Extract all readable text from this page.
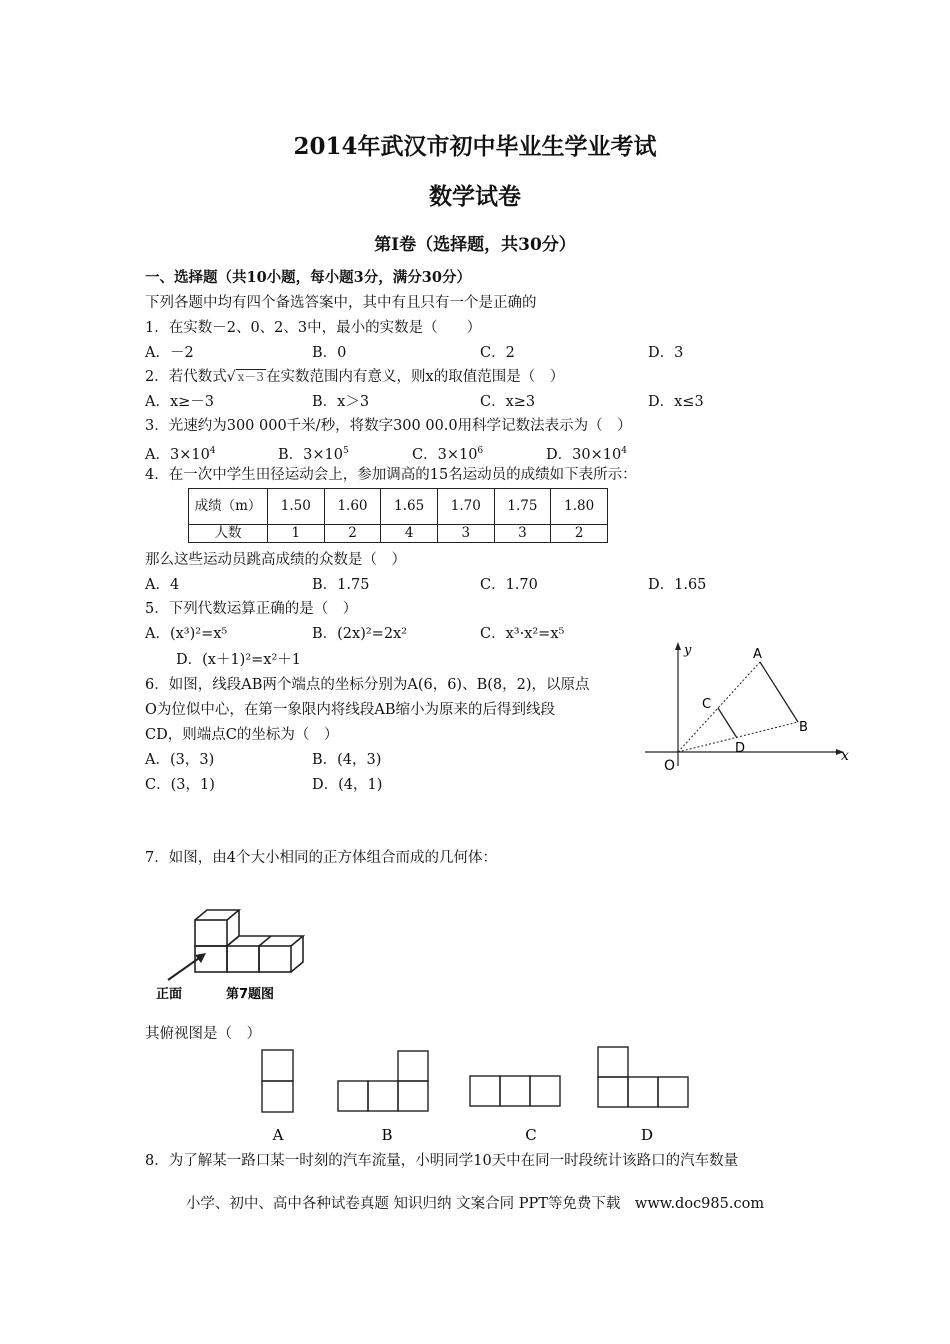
2014年武汉市初中毕业生学业考试
数学试卷
第I卷（选择题，共30分）
一、选择题（共10小题，每小题3分，满分30分）
下列各题中均有四个备选答案中，其中有且只有一个是正确的
1．在实数－2、0、2、3中，最小的实数是（　　）
A．－2	B．0	C．2	D．3
2．若代数式√ x－3 在实数范围内有意义，则x的取值范围是（　）
A．x≥－3	B．x＞3	C．x≥3	D．x≤3
3．光速约为300 000千米/秒，将数字300 00.0用科学记数法表示为（　）
A．$3\times 10^4$	B．$3\times 10^5$	C．$3\times 10^6$	D．$30\times 10^4$
4．在一次中学生田径运动会上，参加调高的15名运动员的成绩如下表所示：
成绩（m）	1.50	1.60	1.65	1.70	1.75	1.80
人数	1	2	4	3	3	2
那么这些运动员跳高成绩的众数是（　）
A．4	B．1.75	C．1.70	D．1.65
5．下列代数运算正确的是（　）
A．(x³)²=x⁵	B．(2x)²=2x²	C．x³·x²=x⁵
D．(x＋1)²=x²＋1
6．如图，线段AB两个端点的坐标分别为A(6，6)、B(8，2)，以原点
O为位似中心，在第一象限内将线段AB缩小为原来的后得到线段
CD，则端点C的坐标为（　）
A．(3，3)	B．(4，3)
C．(3，1)	D．(4，1)
y
x
O
A
B
C
D
7．如图，由4个大小相同的正方体组合而成的几何体：
正面	第7题图
其俯视图是（　）
A	B	C	D
8．为了解某一路口某一时刻的汽车流量，小明同学10天中在同一时段统计该路口的汽车数量
小学、初中、高中各种试卷真题 知识归纳 文案合同 PPT等免费下载　www.doc985.com
